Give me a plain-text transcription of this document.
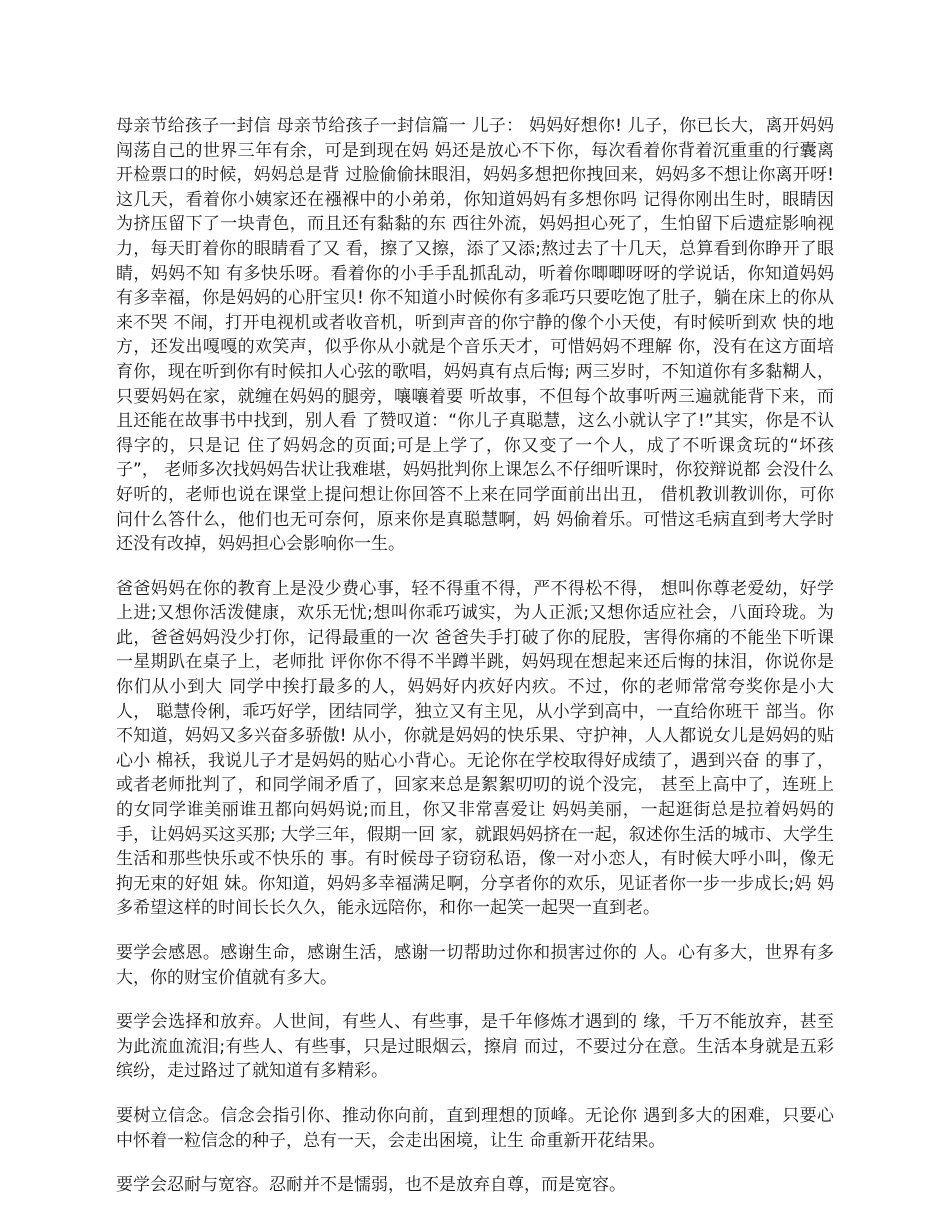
母亲节给孩子一封信 母亲节给孩子一封信篇一 儿子： 妈妈好想你! 儿子，你已长大，离开妈妈闯荡自己的世界三年有余，可是到现在妈 妈还是放心不下你，每次看着你背着沉重重的行囊离开检票口的时候，妈妈总是背 过脸偷偷抹眼泪，妈妈多想把你拽回来，妈妈多不想让你离开呀! 这几天，看着你小姨家还在襁褓中的小弟弟，你知道妈妈有多想你吗 记得你刚出生时，眼睛因为挤压留下了一块青色，而且还有黏黏的东 西往外流，妈妈担心死了，生怕留下后遗症影响视力，每天盯着你的眼睛看了又 看，擦了又擦，添了又添;熬过去了十几天，总算看到你睁开了眼睛，妈妈不知 有多快乐呀。看着你的小手手乱抓乱动，听着你唧唧呀呀的学说话，你知道妈妈 有多幸福，你是妈妈的心肝宝贝! 你不知道小时候你有多乖巧只要吃饱了肚子，躺在床上的你从来不哭 不闹，打开电视机或者收音机，听到声音的你宁静的像个小天使，有时候听到欢 快的地方，还发出嘎嘎的欢笑声，似乎你从小就是个音乐天才，可惜妈妈不理解 你，没有在这方面培育你，现在听到你有时候扣人心弦的歌唱，妈妈真有点后悔; 两三岁时，不知道你有多黏糊人，只要妈妈在家，就缠在妈妈的腿旁，嚷嚷着要 听故事，不但每个故事听两三遍就能背下来，而且还能在故事书中找到，别人看 了赞叹道：“你儿子真聪慧，这么小就认字了!”其实，你是不认得字的，只是记 住了妈妈念的页面;可是上学了，你又变了一个人，成了不听课贪玩的“坏孩子”， 老师多次找妈妈告状让我难堪，妈妈批判你上课怎么不仔细听课时，你狡辩说都 会没什么好听的，老师也说在课堂上提问想让你回答不上来在同学面前出出丑， 借机教训教训你，可你问什么答什么，他们也无可奈何，原来你是真聪慧啊，妈 妈偷着乐。可惜这毛病直到考大学时还没有改掉，妈妈担心会影响你一生。

爸爸妈妈在你的教育上是没少费心事，轻不得重不得，严不得松不得， 想叫你尊老爱幼，好学上进;又想你活泼健康，欢乐无忧;想叫你乖巧诚实，为人正派;又想你适应社会，八面玲珑。为此，爸爸妈妈没少打你，记得最重的一次 爸爸失手打破了你的屁股，害得你痛的不能坐下听课一星期趴在桌子上，老师批 评你你不得不半蹲半跳，妈妈现在想起来还后悔的抹泪，你说你是你们从小到大 同学中挨打最多的人，妈妈好内疚好内疚。不过，你的老师常常夸奖你是小大人， 聪慧伶俐，乖巧好学，团结同学，独立又有主见，从小学到高中，一直给你班干 部当。你不知道，妈妈又多兴奋多骄傲! 从小，你就是妈妈的快乐果、守护神，人人都说女儿是妈妈的贴心小 棉袄，我说儿子才是妈妈的贴心小背心。无论你在学校取得好成绩了，遇到兴奋 的事了，或者老师批判了，和同学闹矛盾了，回家来总是絮絮叨叨的说个没完， 甚至上高中了，连班上的女同学谁美丽谁丑都向妈妈说;而且，你又非常喜爱让 妈妈美丽，一起逛街总是拉着妈妈的手，让妈妈买这买那; 大学三年，假期一回 家，就跟妈妈挤在一起，叙述你生活的城市、大学生生活和那些快乐或不快乐的 事。有时候母子窃窃私语，像一对小恋人，有时候大呼小叫，像无拘无束的好姐 妹。你知道，妈妈多幸福满足啊，分享者你的欢乐，见证者你一步一步成长;妈 妈多希望这样的时间长长久久，能永远陪你，和你一起笑一起哭一直到老。

要学会感恩。感谢生命，感谢生活，感谢一切帮助过你和损害过你的 人。心有多大，世界有多大，你的财宝价值就有多大。

要学会选择和放弃。人世间，有些人、有些事，是千年修炼才遇到的 缘，千万不能放弃，甚至为此流血流泪;有些人、有些事，只是过眼烟云，擦肩 而过，不要过分在意。生活本身就是五彩缤纷，走过路过了就知道有多精彩。

要树立信念。信念会指引你、推动你向前，直到理想的顶峰。无论你 遇到多大的困难，只要心中怀着一粒信念的种子，总有一天，会走出困境，让生 命重新开花结果。

要学会忍耐与宽容。忍耐并不是懦弱，也不是放弃自尊，而是宽容。
